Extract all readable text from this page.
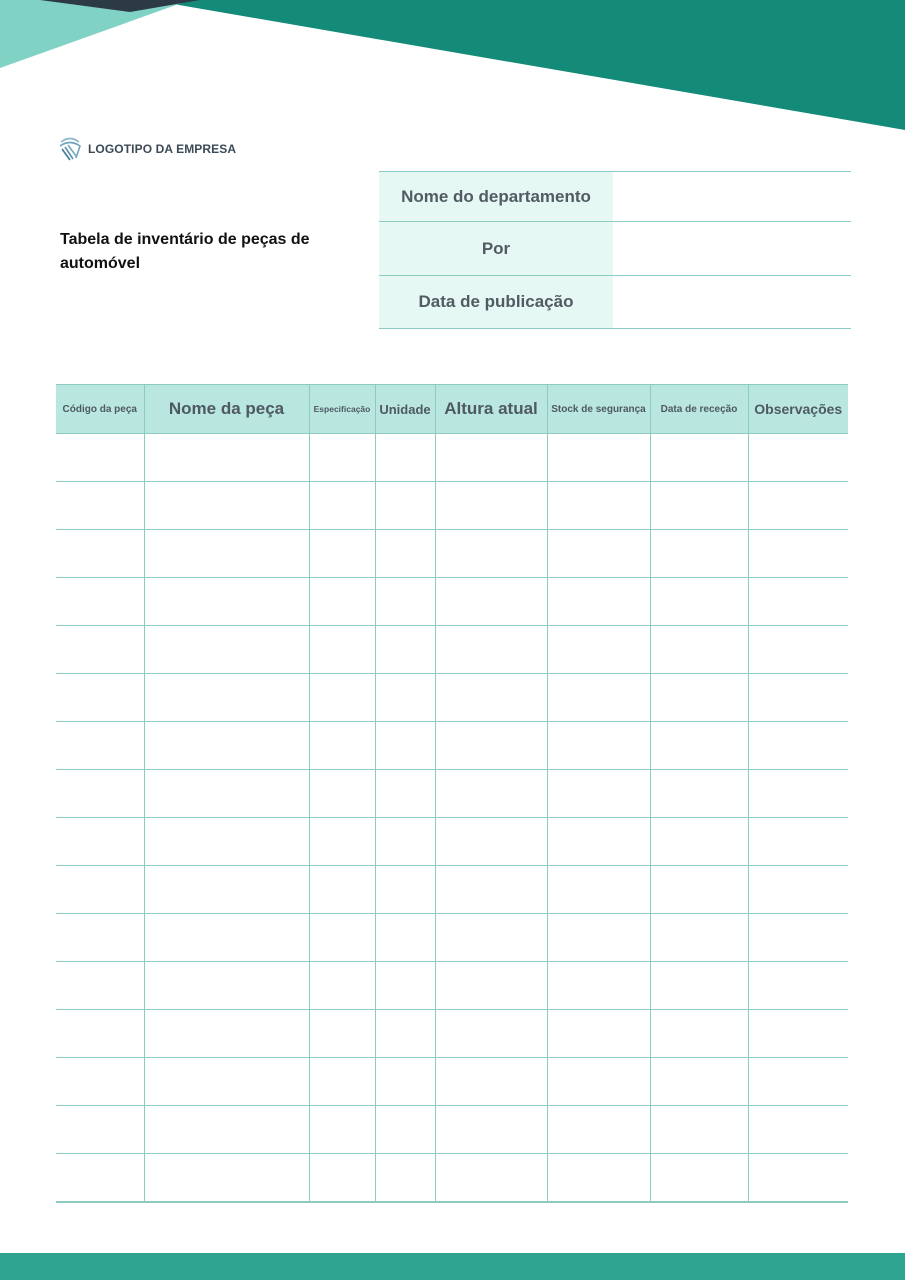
LOGOTIPO DA EMPRESA
Tabela de inventário de peças de automóvel
Nome do departamento	
Por	
Data de publicação	
Código da peça	Nome da peça	Especificação	Unidade	Altura atual	Stock de segurança	Data de receção	Observações
